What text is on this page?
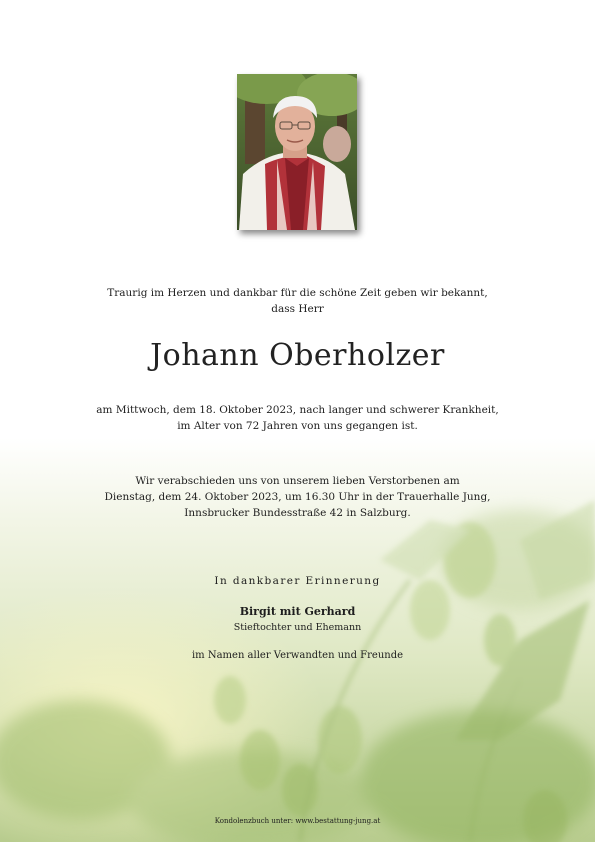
Traurig im Herzen und dankbar für die schöne Zeit geben wir bekannt,
dass Herr
Johann Oberholzer
am Mittwoch, dem 18. Oktober 2023, nach langer und schwerer Krankheit,
im Alter von 72 Jahren von uns gegangen ist.
Wir verabschieden uns von unserem lieben Verstorbenen am
Dienstag, dem 24. Oktober 2023, um 16.30 Uhr in der Trauerhalle Jung,
Innsbrucker Bundesstraße 42 in Salzburg.
In dankbarer Erinnerung
Birgit mit Gerhard
Stieftochter und Ehemann
im Namen aller Verwandten und Freunde
Kondolenzbuch unter: www.bestattung-jung.at
